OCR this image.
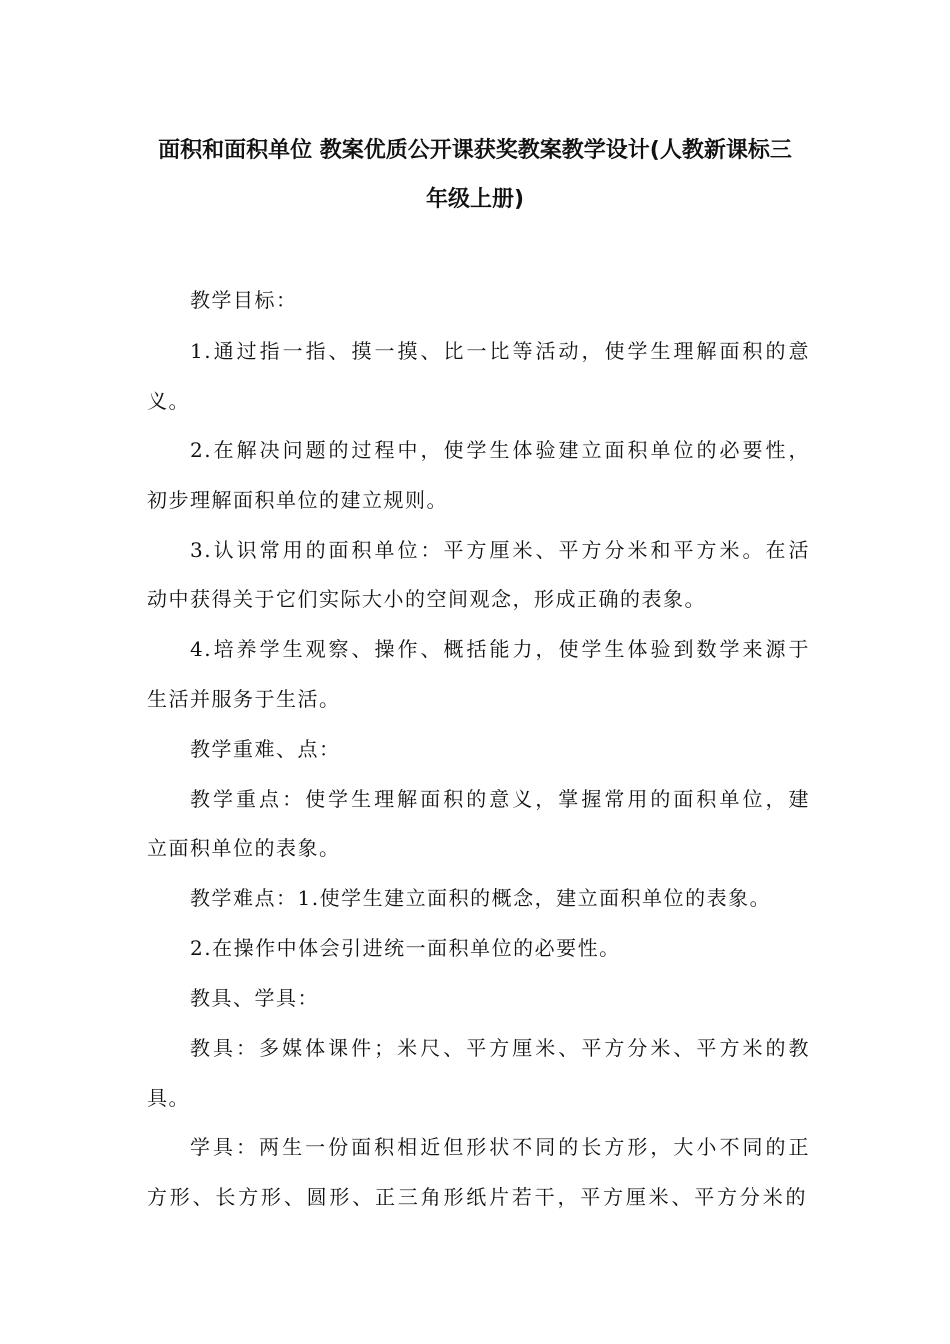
面积和面积单位 教案优质公开课获奖教案教学设计(人教新课标三
年级上册)
教学目标：
1.通过指一指、摸一摸、比一比等活动，使学生理解面积的意
义。
2.在解决问题的过程中，使学生体验建立面积单位的必要性，
初步理解面积单位的建立规则。
3.认识常用的面积单位：平方厘米、平方分米和平方米。在活
动中获得关于它们实际大小的空间观念，形成正确的表象。
4.培养学生观察、操作、概括能力，使学生体验到数学来源于
生活并服务于生活。
教学重难、点：
教学重点：使学生理解面积的意义，掌握常用的面积单位，建
立面积单位的表象。
教学难点：1.使学生建立面积的概念，建立面积单位的表象。
2.在操作中体会引进统一面积单位的必要性。
教具、学具：
教具：多媒体课件；米尺、平方厘米、平方分米、平方米的教
具。
学具：两生一份面积相近但形状不同的长方形，大小不同的正
方形、长方形、圆形、正三角形纸片若干，平方厘米、平方分米的
